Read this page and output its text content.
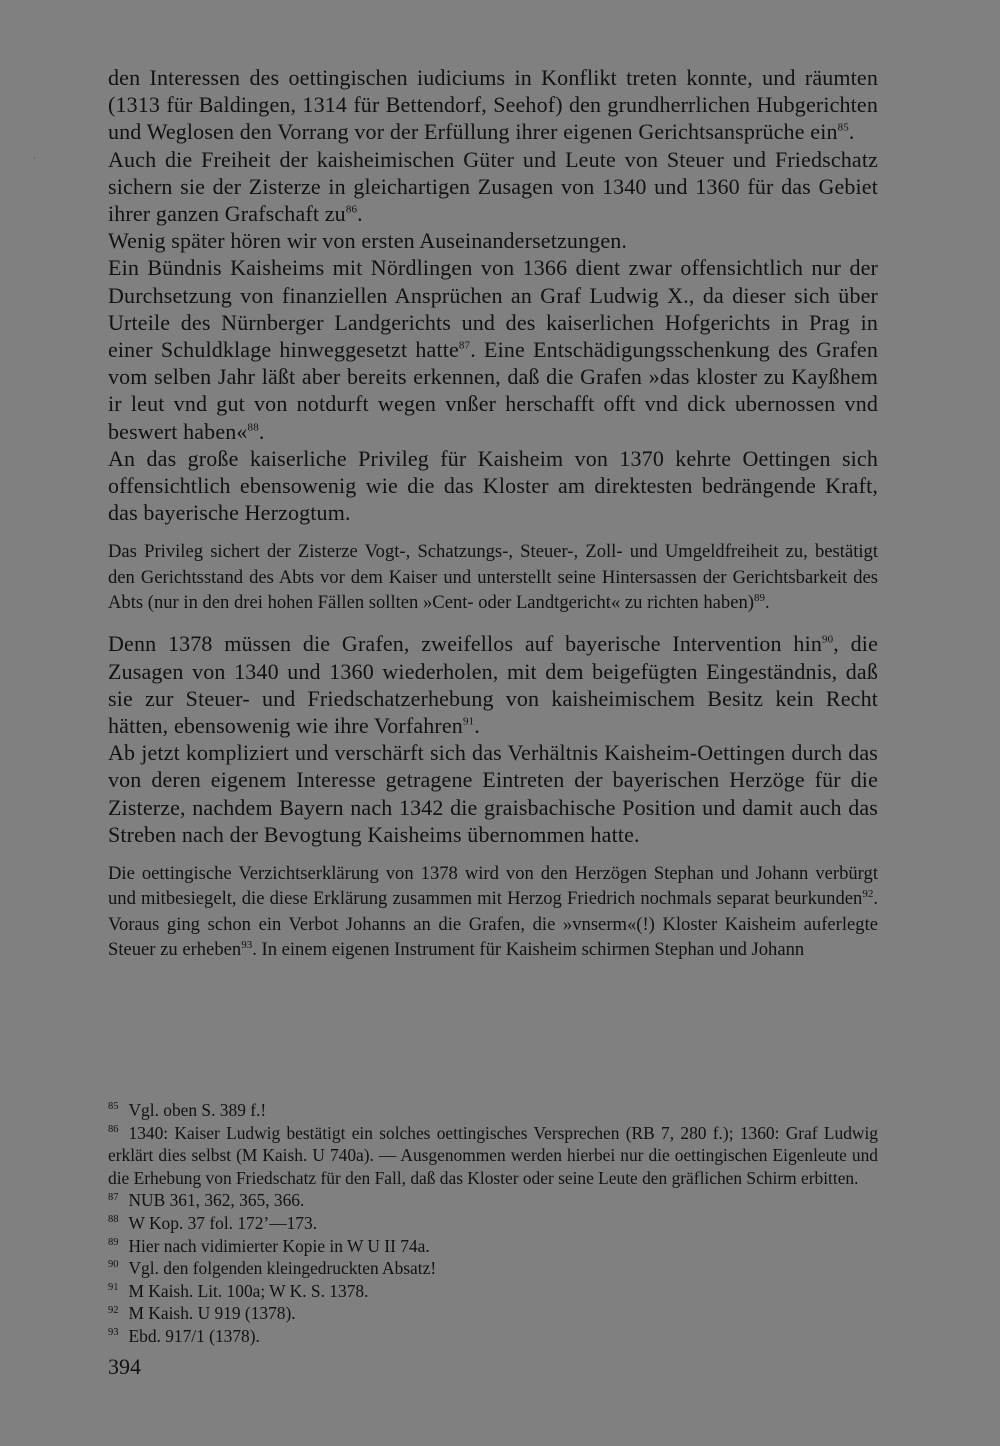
·

den Interessen des oettingischen iudiciums in Konflikt treten konnte, und räumten (1313 für Baldingen, 1314 für Bettendorf, Seehof) den grundherrlichen Hubgerichten und Weglosen den Vorrang vor der Erfüllung ihrer eigenen Gerichtsansprüche ein$^{85}$.

Auch die Freiheit der kaisheimischen Güter und Leute von Steuer und Friedschatz sichern sie der Zisterze in gleichartigen Zusagen von 1340 und 1360 für das Gebiet ihrer ganzen Grafschaft $zu^{86}$.

Wenig später hören wir von ersten Auseinandersetzungen.

Ein Bündnis Kaisheims mit Nördlingen von 1366 dient zwar offensichtlich nur der Durchsetzung von finanziellen Ansprüchen an Graf Ludwig X., da dieser sich über Urteile des Nürnberger Landgerichts und des kaiserlichen Hofgerichts in Prag in einer Schuldklage hinweggesetzt hatte$^{87}$. Eine Entschädigungsschenkung des Grafen vom selben Jahr läßt aber bereits erkennen, daß die Grafen »das kloster zu Kayßhem ir leut vnd gut von notdurft wegen vnßer herschafft offt vnd dick ubernossen vnd beswert haben«$^{88}$.

An das große kaiserliche Privileg für Kaisheim von 1370 kehrte Oettingen sich offensichtlich ebensowenig wie die das Kloster am direktesten bedrängende Kraft, das bayerische Herzogtum.

Das Privileg sichert der Zisterze Vogt-, Schatzungs-, Steuer-, Zoll- und Umgeldfreiheit zu, bestätigt den Gerichtsstand des Abts vor dem Kaiser und unterstellt seine Hintersassen der Gerichtsbarkeit des Abts (nur in den drei hohen Fällen sollten »Cent- oder Landtgericht« zu richten haben)$^{89}$.

Denn 1378 müssen die Grafen, zweifellos auf bayerische Intervention hin$^{90}$, die Zusagen von 1340 und 1360 wiederholen, mit dem beigefügten Eingeständnis, daß sie zur Steuer- und Friedschatzerhebung von kaisheimischem Besitz kein Recht hätten, ebensowenig wie ihre Vorfahren$^{91}$.

Ab jetzt kompliziert und verschärft sich das Verhältnis Kaisheim-Oettingen durch das von deren eigenem Interesse getragene Eintreten der bayerischen Herzöge für die Zisterze, nachdem Bayern nach 1342 die graisbachische Position und damit auch das Streben nach der Bevogtung Kaisheims übernommen hatte.

Die oettingische Verzichtserklärung von 1378 wird von den Herzögen Stephan und Johann verbürgt und mitbesiegelt, die diese Erklärung zusammen mit Herzog Friedrich nochmals separat beurkunden$^{92}$. Voraus ging schon ein Verbot Johanns an die Grafen, die »vnserm«(!) Kloster Kaisheim auferlegte Steuer zu erheben$^{93}$. In einem eigenen Instrument für Kaisheim schirmen Stephan und Johann

$^{85}$ Vgl. oben S. 389 f.!
$^{86}$ 1340: Kaiser Ludwig bestätigt ein solches oettingisches Versprechen (RB 7, 280 f.); 1360: Graf Ludwig erklärt dies selbst (M Kaish. U 740a). — Ausgenommen werden hierbei nur die oettingischen Eigenleute und die Erhebung von Friedschatz für den Fall, daß das Kloster oder seine Leute den gräflichen Schirm erbitten.
$^{87}$ NUB 361, 362, 365, 366.
$^{88}$ W Kop. 37 fol. 172’—173.
$^{89}$ Hier nach vidimierter Kopie in W U II 74a.
$^{90}$ Vgl. den folgenden kleingedruckten Absatz!
$^{91}$ M Kaish. Lit. 100a; W K. S. 1378.
$^{92}$ M Kaish. U 919 (1378).
$^{93}$ Ebd. 917/1 (1378).
394
